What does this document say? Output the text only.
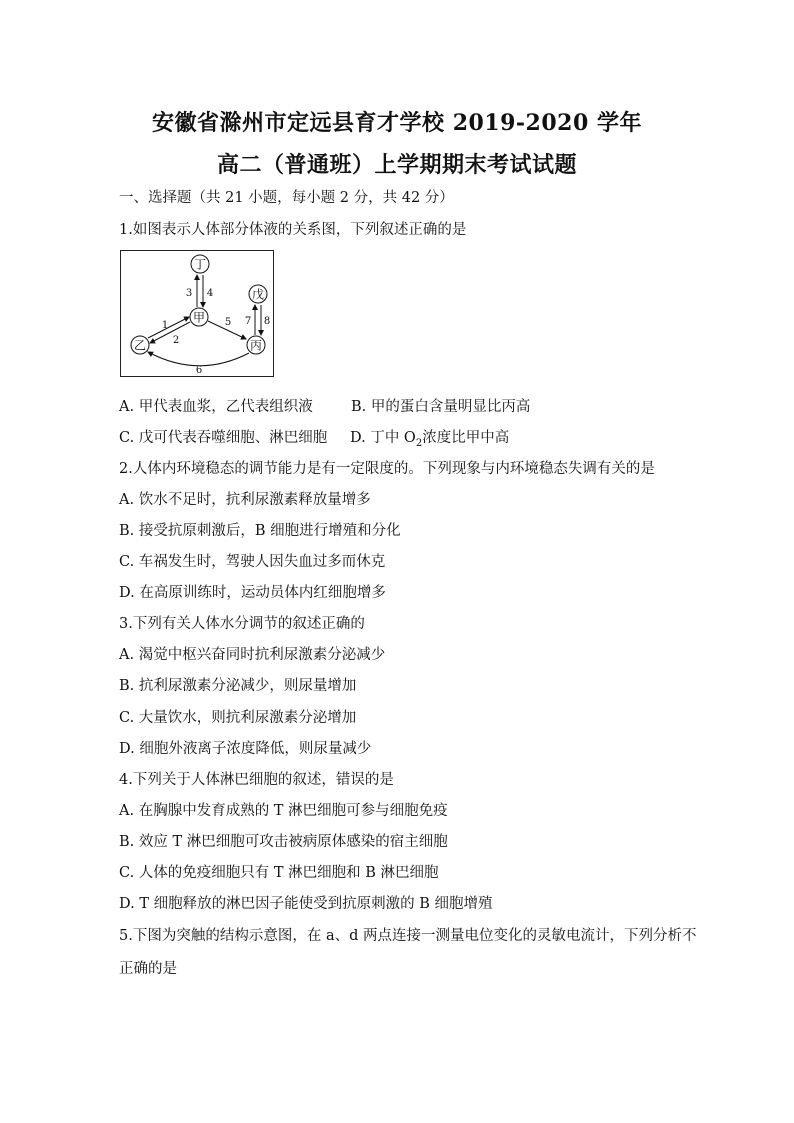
安徽省滁州市定远县育才学校 2019-2020 学年
高二（普通班）上学期期末考试试题
一、选择题（共 21 小题，每小题 2 分，共 42 分）
1.如图表示人体部分体液的关系图，下列叙述正确的是
丁
戊
甲
乙	丙
3 4
7 8
1
2
5
6
A. 甲代表血浆，乙代表组织液	B. 甲的蛋白含量明显比丙高
C. 戊可代表吞噬细胞、淋巴细胞 D. 丁中 $O_2$浓度比甲中高
2.人体内环境稳态的调节能力是有一定限度的。下列现象与内环境稳态失调有关的是
A. 饮水不足时，抗利尿激素释放量增多
B. 接受抗原刺激后，B 细胞进行增殖和分化
C. 车祸发生时，驾驶人因失血过多而休克
D. 在高原训练时，运动员体内红细胞增多
3.下列有关人体水分调节的叙述正确的
A. 渴觉中枢兴奋同时抗利尿激素分泌减少
B. 抗利尿激素分泌减少，则尿量增加
C. 大量饮水，则抗利尿激素分泌增加
D. 细胞外液离子浓度降低，则尿量减少
4.下列关于人体淋巴细胞的叙述，错误的是
A. 在胸腺中发育成熟的 T 淋巴细胞可参与细胞免疫
B. 效应 T 淋巴细胞可攻击被病原体感染的宿主细胞
C. 人体的免疫细胞只有 T 淋巴细胞和 B 淋巴细胞
D. T 细胞释放的淋巴因子能使受到抗原刺激的 B 细胞增殖
5.下图为突触的结构示意图，在 a、d 两点连接一测量电位变化的灵敏电流计，下列分析不
正确的是
